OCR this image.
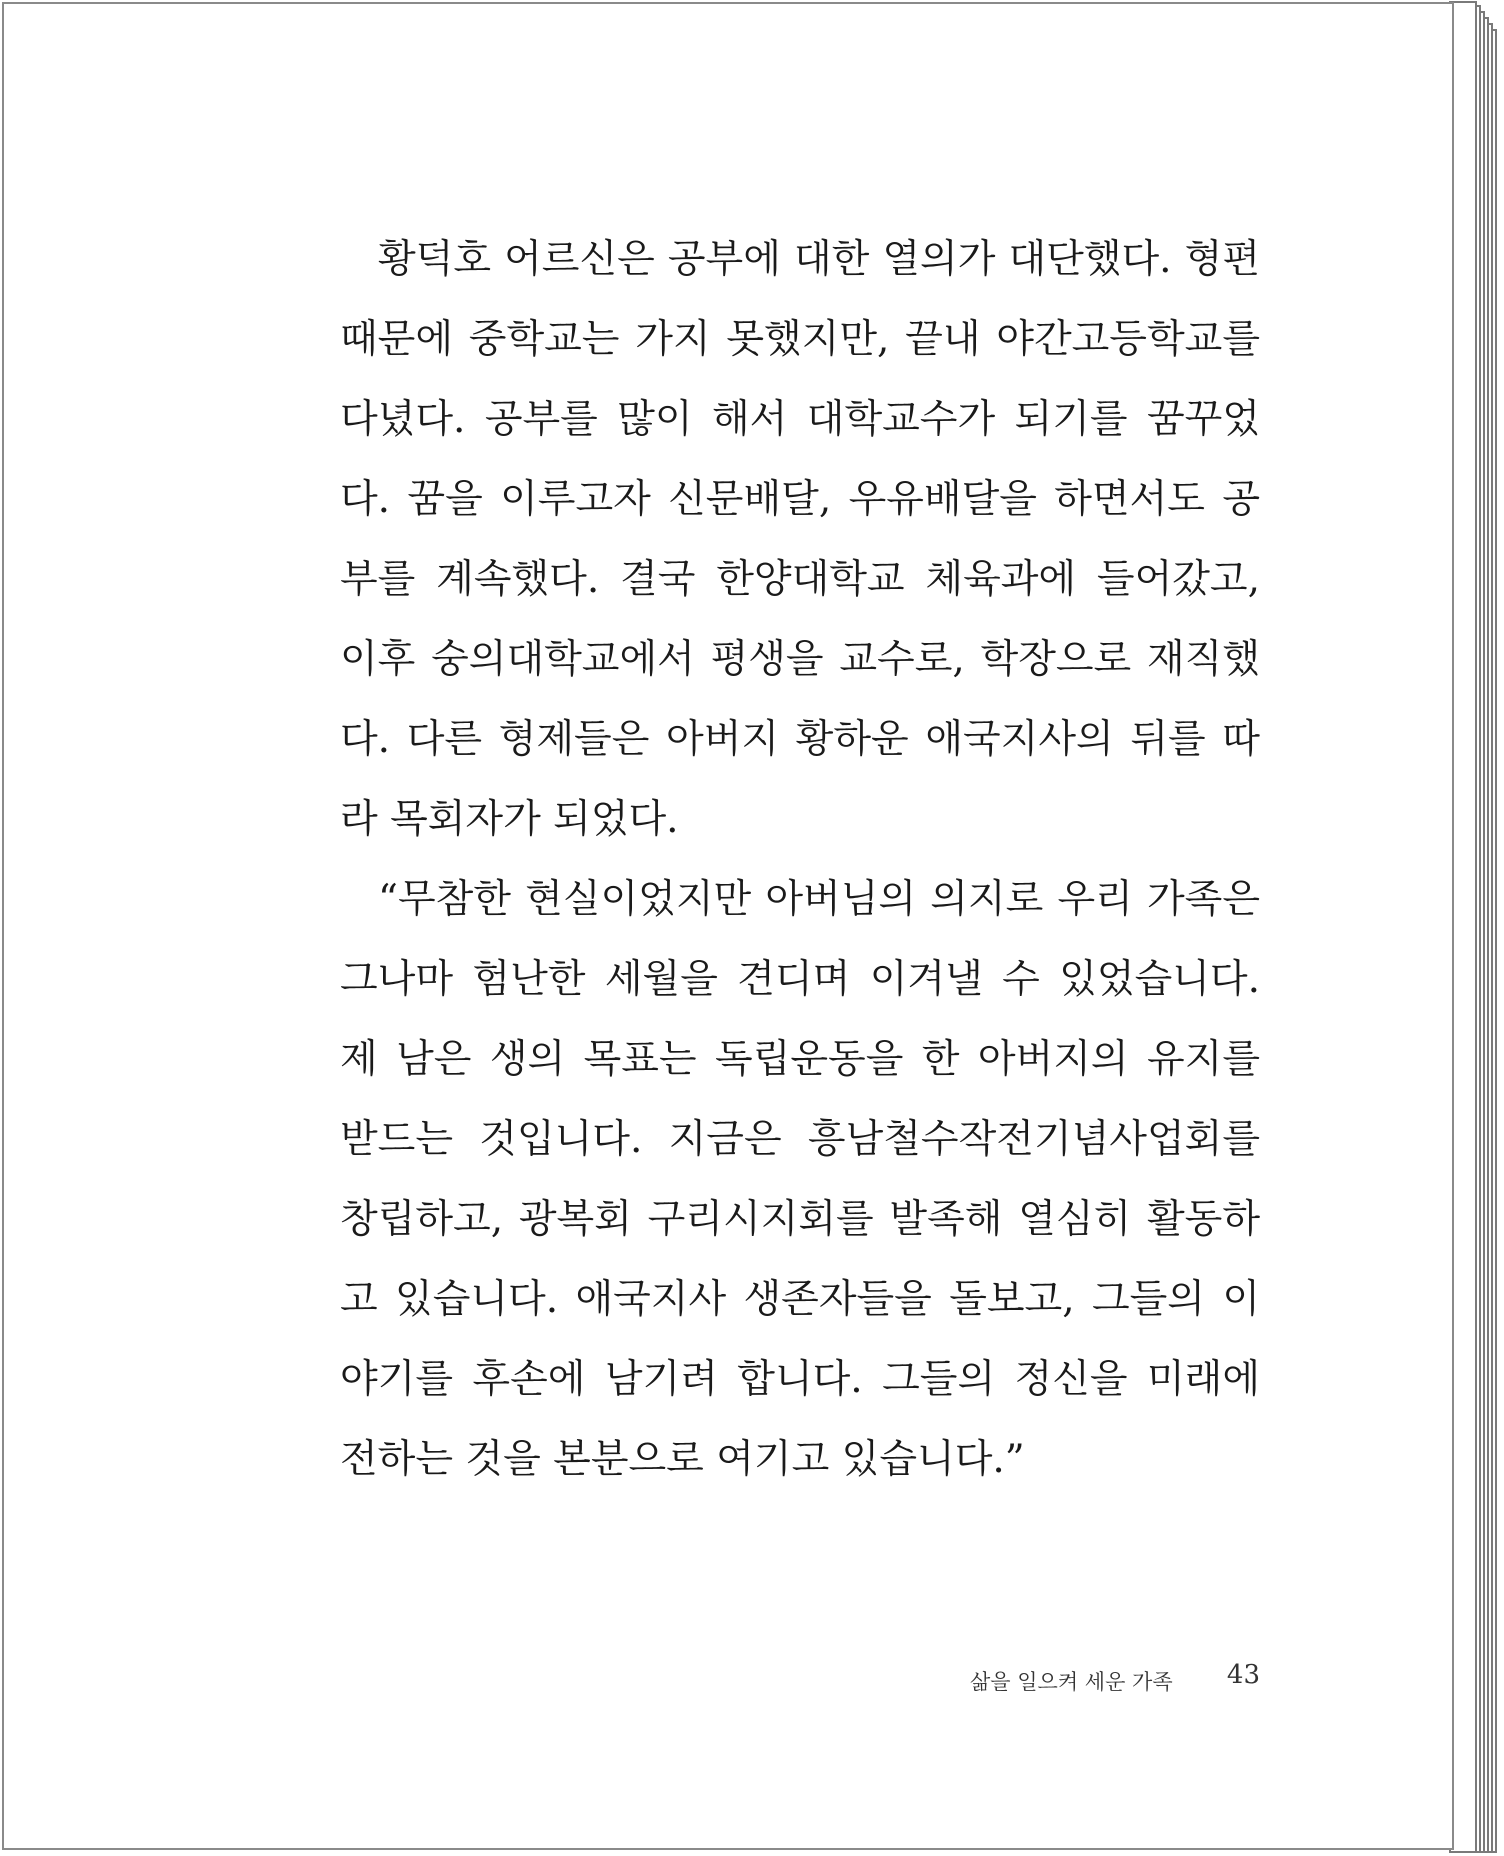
황덕호 어르신은 공부에 대한 열의가 대단했다. 형편 때문에 중학교는 가지 못했지만, 끝내 야간고등학교를 다녔다. 공부를 많이 해서 대학교수가 되기를 꿈꾸었다. 꿈을 이루고자 신문배달, 우유배달을 하면서도 공부를 계속했다. 결국 한양대학교 체육과에 들어갔고, 이후 숭의대학교에서 평생을 교수로, 학장으로 재직했다. 다른 형제들은 아버지 황하운 애국지사의 뒤를 따라 목회자가 되었다.

“무참한 현실이었지만 아버님의 의지로 우리 가족은 그나마 험난한 세월을 견디며 이겨낼 수 있었습니다. 제 남은 생의 목표는 독립운동을 한 아버지의 유지를 받드는 것입니다. 지금은 흥남철수작전기념사업회를 창립하고, 광복회 구리시지회를 발족해 열심히 활동하고 있습니다. 애국지사 생존자들을 돌보고, 그들의 이야기를 후손에 남기려 합니다. 그들의 정신을 미래에 전하는 것을 본분으로 여기고 있습니다.”

삶을 일으켜 세운 가족 43
